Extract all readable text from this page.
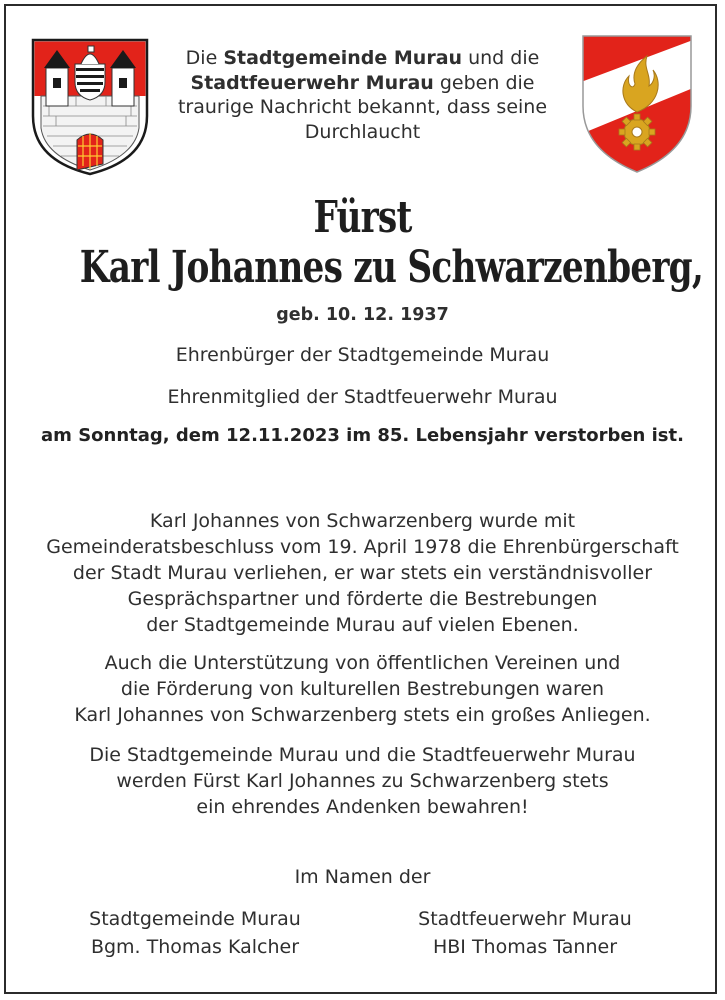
Die Stadtgemeinde Murau und die
Stadtfeuerwehr Murau geben die traurige Nachricht bekannt, dass seine Durchlaucht
Fürst
Karl Johannes zu Schwarzenberg,
geb. 10. 12. 1937
Ehrenbürger der Stadtgemeinde Murau
Ehrenmitglied der Stadtfeuerwehr Murau
am Sonntag, dem 12.11.2023 im 85. Lebensjahr verstorben ist.
Karl Johannes von Schwarzenberg wurde mit
Gemeinderatsbeschluss vom 19. April 1978 die Ehrenbürgerschaft
der Stadt Murau verliehen, er war stets ein verständnisvoller
Gesprächspartner und förderte die Bestrebungen
der Stadtgemeinde Murau auf vielen Ebenen.
Auch die Unterstützung von öffentlichen Vereinen und
die Förderung von kulturellen Bestrebungen waren
Karl Johannes von Schwarzenberg stets ein großes Anliegen.
Die Stadtgemeinde Murau und die Stadtfeuerwehr Murau
werden Fürst Karl Johannes zu Schwarzenberg stets
ein ehrendes Andenken bewahren!
Im Namen der
Stadtgemeinde Murau
Bgm. Thomas Kalcher
Stadtfeuerwehr Murau
HBI Thomas Tanner
